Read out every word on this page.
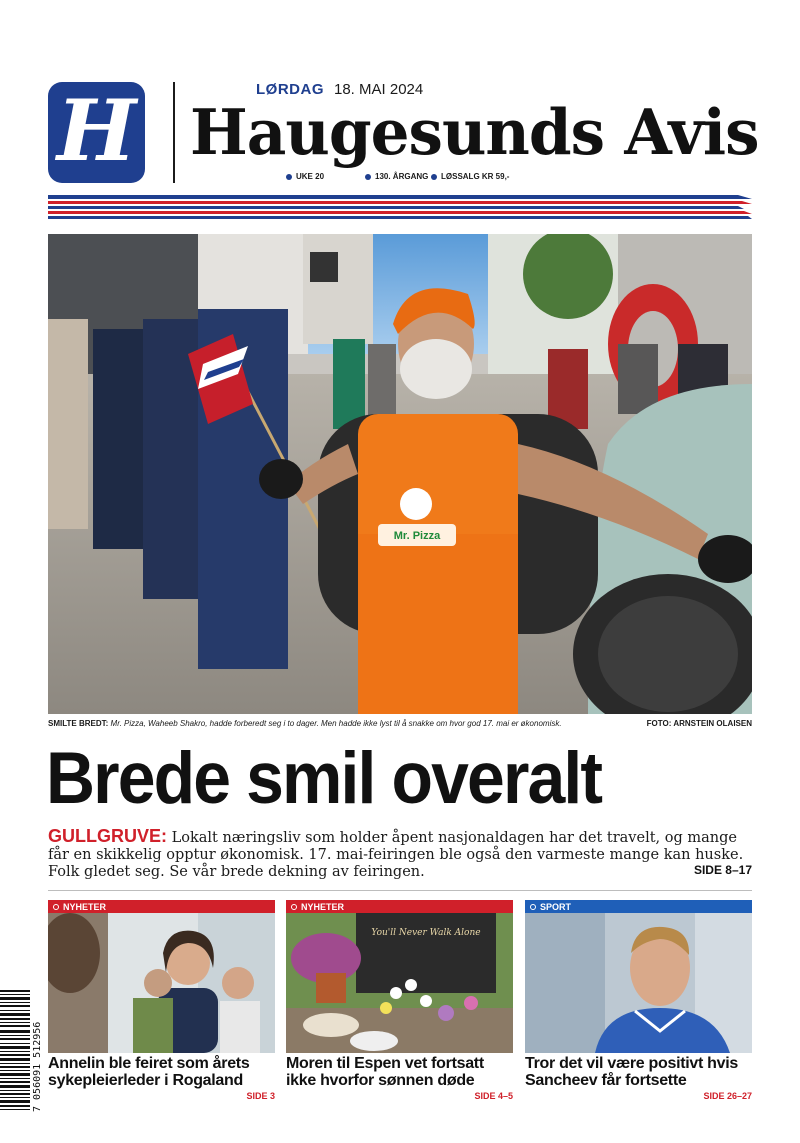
H	LØRDAG 18. MAI 2024
Haugesunds Avis
UKE 20	130. ÅRGANG LØSSALG KR 59,-
Mr. Pizza
SMILTE BREDT: Mr. Pizza, Waheeb Shakro, hadde forberedt seg i to dager. Men hadde ikke lyst til å snakke om hvor god 17. mai er økonomisk.	FOTO: ARNSTEIN OLAISEN
Brede smil overalt
GULLGRUVE: Lokalt næringsliv som holder åpent nasjonaldagen har det travelt, og mange får en skikkelig opptur økonomisk. 17. mai-feiringen ble også den varmeste mange kan huske. Folk gledet seg. Se vår brede dekning av feiringen.	SIDE 8–17
NYHETER
Annelin ble feiret som årets sykepleierleder i Rogaland
SIDE 3
NYHETER
You'll Never Walk Alone
Moren til Espen vet fortsatt ikke hvorfor sønnen døde
SIDE 4–5
SPORT
Tror det vil være positivt hvis Sancheev får fortsette
SIDE 26–27
7 056091 512956
